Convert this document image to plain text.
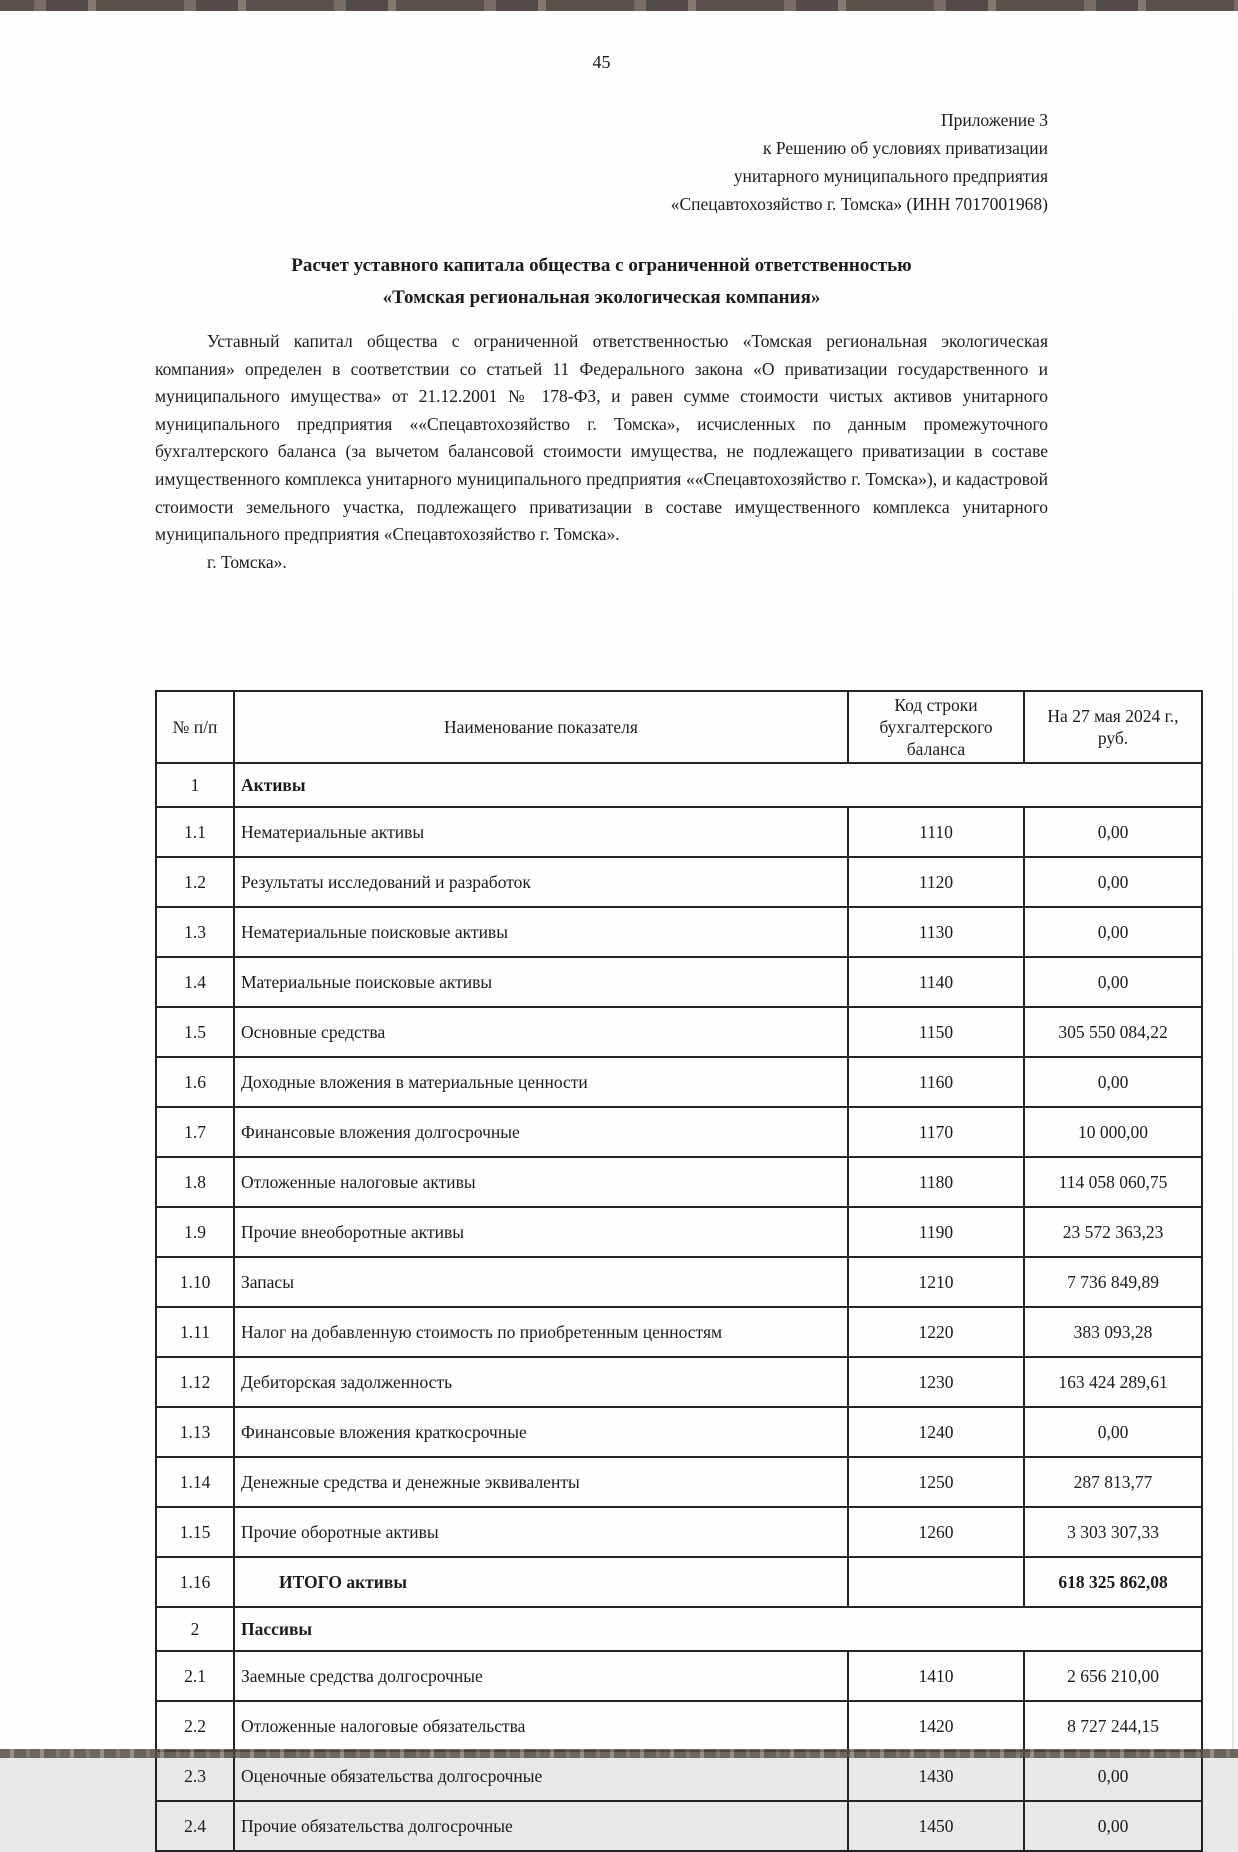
45
Приложение 3
к Решению об условиях приватизации
унитарного муниципального предприятия
«Спецавтохозяйство г. Томска» (ИНН 7017001968)
Расчет уставного капитала общества с ограниченной ответственностью
«Томская региональная экологическая компания»

Уставный капитал общества с ограниченной ответственностью «Томская региональная экологическая компания» определен в соответствии со статьей 11 Федерального закона «О приватизации государственного и муниципального имущества» от 21.12.2001 № 178-ФЗ, и равен сумме стоимости чистых активов унитарного муниципального предприятия ««Спецавтохозяйство г. Томска», исчисленных по данным промежуточного бухгалтерского баланса (за вычетом балансовой стоимости имущества, не подлежащего приватизации в составе имущественного комплекса унитарного муниципального предприятия ««Спецавтохозяйство г. Томска»), и кадастровой стоимости земельного участка, подлежащего приватизации в составе имущественного комплекса унитарного муниципального предприятия «Спецавтохозяйство г. Томска».

г. Томска».

№ п/п	Наименование показателя	Код строки бухгалтерского баланса	На 27 мая 2024 г., руб.
1	Активы		
1.1	Нематериальные активы	1110	0,00
1.2	Результаты исследований и разработок	1120	0,00
1.3	Нематериальные поисковые активы	1130	0,00
1.4	Материальные поисковые активы	1140	0,00
1.5	Основные средства	1150	305 550 084,22
1.6	Доходные вложения в материальные ценности	1160	0,00
1.7	Финансовые вложения долгосрочные	1170	10 000,00
1.8	Отложенные налоговые активы	1180	114 058 060,75
1.9	Прочие внеоборотные активы	1190	23 572 363,23
1.10	Запасы	1210	7 736 849,89
1.11	Налог на добавленную стоимость по приобретенным ценностям	1220	383 093,28
1.12	Дебиторская задолженность	1230	163 424 289,61
1.13	Финансовые вложения краткосрочные	1240	0,00
1.14	Денежные средства и денежные эквиваленты	1250	287 813,77
1.15	Прочие оборотные активы	1260	3 303 307,33
1.16	ИТОГО активы		618 325 862,08
2	Пассивы		
2.1	Заемные средства долгосрочные	1410	2 656 210,00
2.2	Отложенные налоговые обязательства	1420	8 727 244,15
2.3	Оценочные обязательства долгосрочные	1430	0,00
2.4	Прочие обязательства долгосрочные	1450	0,00
